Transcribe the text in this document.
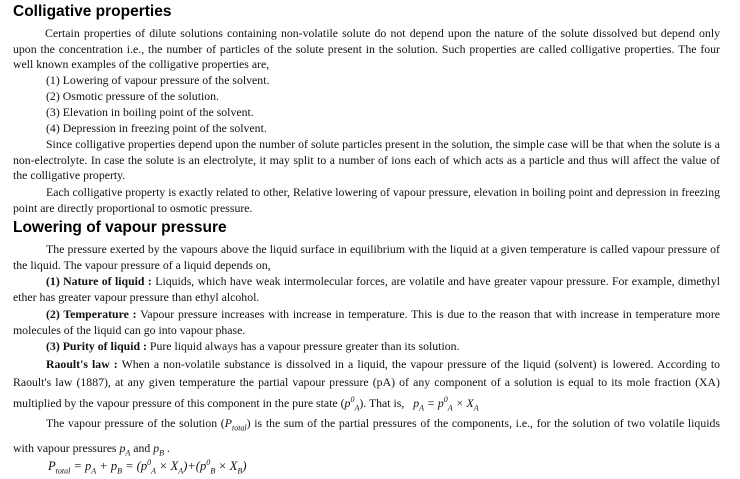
Colligative properties

Certain properties of dilute solutions containing non-volatile solute do not depend upon the nature of the solute dissolved but depend only upon the concentration i.e., the number of particles of the solute present in the solution. Such properties are called colligative properties. The four well known examples of the colligative properties are,

(1) Lowering of vapour pressure of the solvent.
(2) Osmotic pressure of the solution.
(3) Elevation in boiling point of the solvent.
(4) Depression in freezing point of the solvent.

Since colligative properties depend upon the number of solute particles present in the solution, the simple case will be that when the solute is a non-electrolyte. In case the solute is an electrolyte, it may split to a number of ions each of which acts as a particle and thus will affect the value of the colligative property.

Each colligative property is exactly related to other, Relative lowering of vapour pressure, elevation in boiling point and depression in freezing point are directly proportional to osmotic pressure.

Lowering of vapour pressure

The pressure exerted by the vapours above the liquid surface in equilibrium with the liquid at a given temperature is called vapour pressure of the liquid. The vapour pressure of a liquid depends on,

(1) Nature of liquid : Liquids, which have weak intermolecular forces, are volatile and have greater vapour pressure. For example, dimethyl ether has greater vapour pressure than ethyl alcohol.

(2) Temperature : Vapour pressure increases with increase in temperature. This is due to the reason that with increase in temperature more molecules of the liquid can go into vapour phase.

(3) Purity of liquid : Pure liquid always has a vapour pressure greater than its solution.

Raoult's law : When a non-volatile substance is dissolved in a liquid, the vapour pressure of the liquid (solvent) is lowered. According to Raoult's law (1887), at any given temperature the partial vapour pressure (pA) of any component of a solution is equal to its mole fraction (XA) multiplied by the vapour pressure of this component in the pure state $(p^0_A)$. That is, $p_A = p^0_A \times X_A$

The vapour pressure of the solution $(P_{total})$ is the sum of the partial pressures of the components, i.e., for the solution of two volatile liquids with vapour pressures $p_A$ and $p_B$ .

$P_{total} = p_A + p_B = (p^0_A \times X_A)+(p^0_B \times X_B)$
